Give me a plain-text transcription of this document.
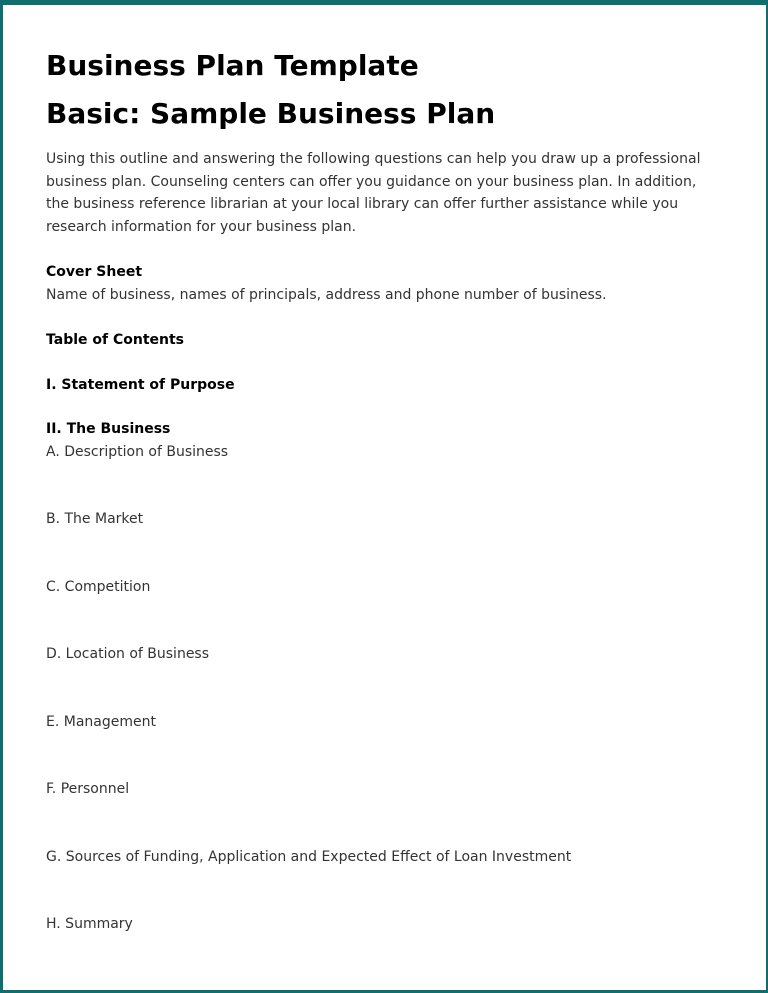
Business Plan Template
Basic: Sample Business Plan

Using this outline and answering the following questions can help you draw up a professional business plan. Counseling centers can offer you guidance on your business plan. In addition, the business reference librarian at your local library can offer further assistance while you research information for your business plan.

Cover Sheet

Name of business, names of principals, address and phone number of business.

Table of Contents

I. Statement of Purpose

II. The Business

A. Description of Business

B. The Market

C. Competition

D. Location of Business

E. Management

F. Personnel

G. Sources of Funding, Application and Expected Effect of Loan Investment

H. Summary
